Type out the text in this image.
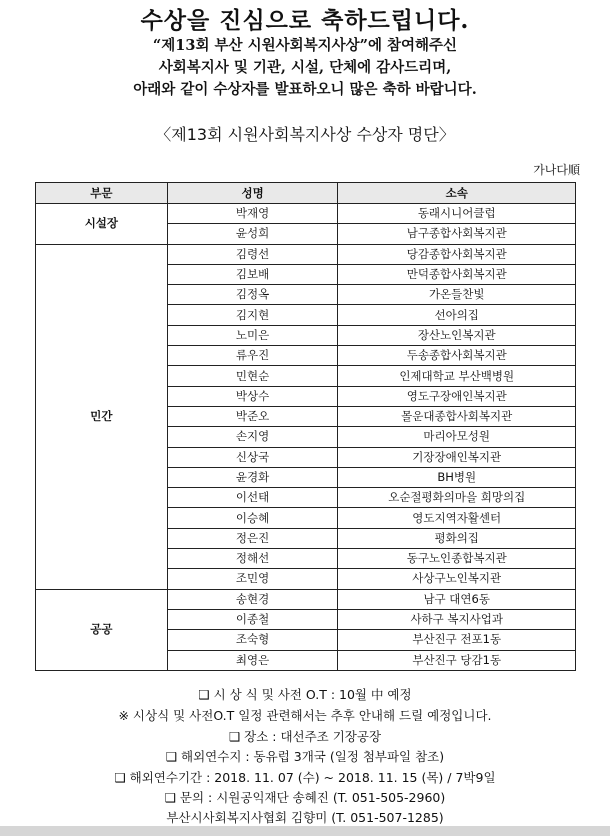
수상을 진심으로 축하드립니다.
“제13회 부산 시원사회복지사상”에 참여해주신
사회복지사 및 기관, 시설, 단체에 감사드리며,
아래와 같이 수상자를 발표하오니 많은 축하 바랍니다.
〈제13회 시원사회복지사상 수상자 명단〉
가나다順
부문	성명	소속
시설장	박재영	동래시니어클럽
	윤성희	남구종합사회복지관
민간	김령선	당감종합사회복지관
	김보배	만덕종합사회복지관
	김정옥	가온들찬빛
	김지현	선아의집
	노미은	장산노인복지관
	류우진	두송종합사회복지관
	민현순	인제대학교 부산백병원
	박상수	영도구장애인복지관
	박준오	몰운대종합사회복지관
	손지영	마리아모성원
	신상국	기장장애인복지관
	윤경화	BH병원
	이선태	오순절평화의마을 희망의집
	이승혜	영도지역자활센터
	정은진	평화의집
	정해선	동구노인종합복지관
	조민영	사상구노인복지관
공공	송현경	남구 대연6동
	이종철	사하구 복지사업과
	조숙형	부산진구 전포1동
	최영은	부산진구 당감1동
❑ 시 상 식 및 사전 O.T : 10월 中 예정
※ 시상식 및 사전O.T 일정 관련해서는 추후 안내해 드릴 예정입니다.
❑ 장소 : 대선주조 기장공장
❑ 해외연수지 : 동유럽 3개국 (일정 첨부파일 참조)
❑ 해외연수기간 : 2018. 11. 07 (수) ~ 2018. 11. 15 (목) / 7박9일
❑ 문의 : 시원공익재단 송혜진 (T. 051-505-2960)
부산시사회복지사협회 김향미 (T. 051-507-1285)
